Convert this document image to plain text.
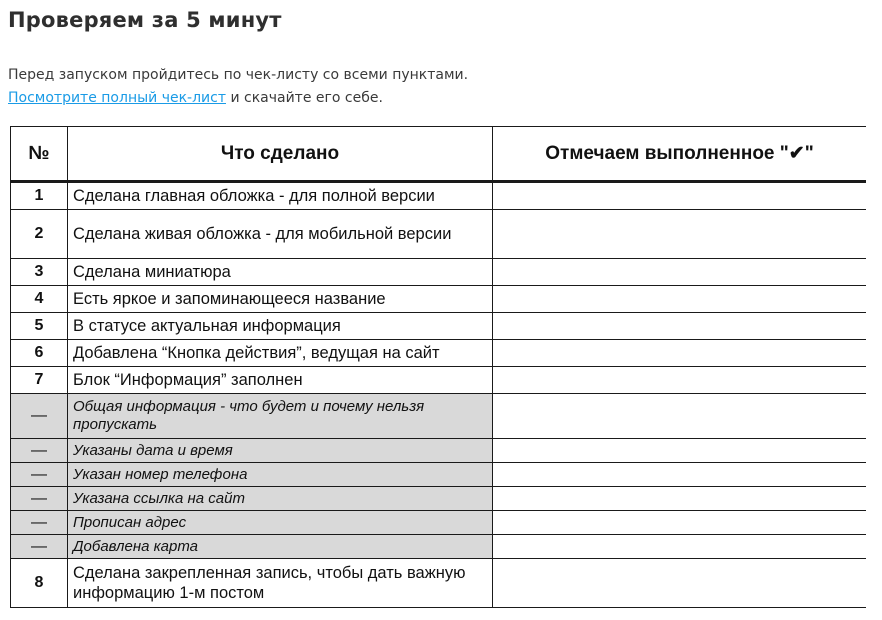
Проверяем за 5 минут
Перед запуском пройдитесь по чек-листу со всеми пунктами.
Посмотрите полный чек-лист и скачайте его себе.
№	Что сделано	Отмечаем выполненное "✔"
1	Сделана главная обложка - для полной версии	
2	Сделана живая обложка - для мобильной версии	
3	Сделана миниатюра	
4	Есть яркое и запоминающееся название	
5	В статусе актуальная информация	
6	Добавлена “Кнопка действия”, ведущая на сайт	
7	Блок “Информация” заполнен	
—	Общая информация - что будет и почему нельзя пропускать	
—	Указаны дата и время	
—	Указан номер телефона	
—	Указана ссылка на сайт	
—	Прописан адрес	
—	Добавлена карта	
8	Сделана закрепленная запись, чтобы дать важную информацию 1-м постом	
